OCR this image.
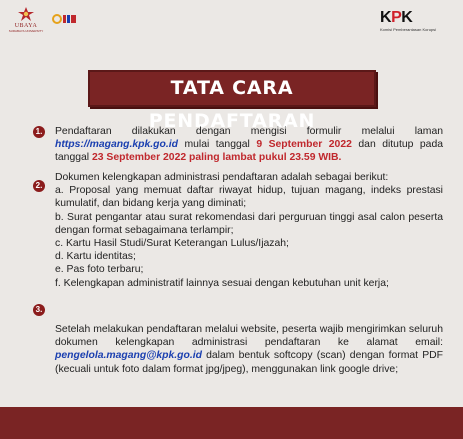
UBAYA
SURABAYA UNIVERSITY
KPK
Komisi Pemberantasan Korupsi
TATA CARA PENDAFTARAN
1. Pendaftaran dilakukan dengan mengisi formulir melalui laman https://magang.kpk.go.id mulai tanggal 9 September 2022 dan ditutup pada tanggal 23 September 2022 paling lambat pukul 23.59 WIB.
2.
Dokumen kelengkapan administrasi pendaftaran adalah sebagai berikut:
a. Proposal yang memuat daftar riwayat hidup, tujuan magang, indeks prestasi kumulatif, dan bidang kerja yang diminati;
b. Surat pengantar atau surat rekomendasi dari perguruan tinggi asal calon peserta dengan format sebagaimana terlampir;
c. Kartu Hasil Studi/Surat Keterangan Lulus/Ijazah;
d. Kartu identitas;
e. Pas foto terbaru;
f. Kelengkapan administratif lainnya sesuai dengan kebutuhan unit kerja;
3.
Setelah melakukan pendaftaran melalui website, peserta wajib mengirimkan seluruh dokumen kelengkapan administrasi pendaftaran ke alamat email: pengelola.magang@kpk.go.id dalam bentuk softcopy (scan) dengan format PDF (kecuali untuk foto dalam format jpg/jpeg), menggunakan link google drive;
